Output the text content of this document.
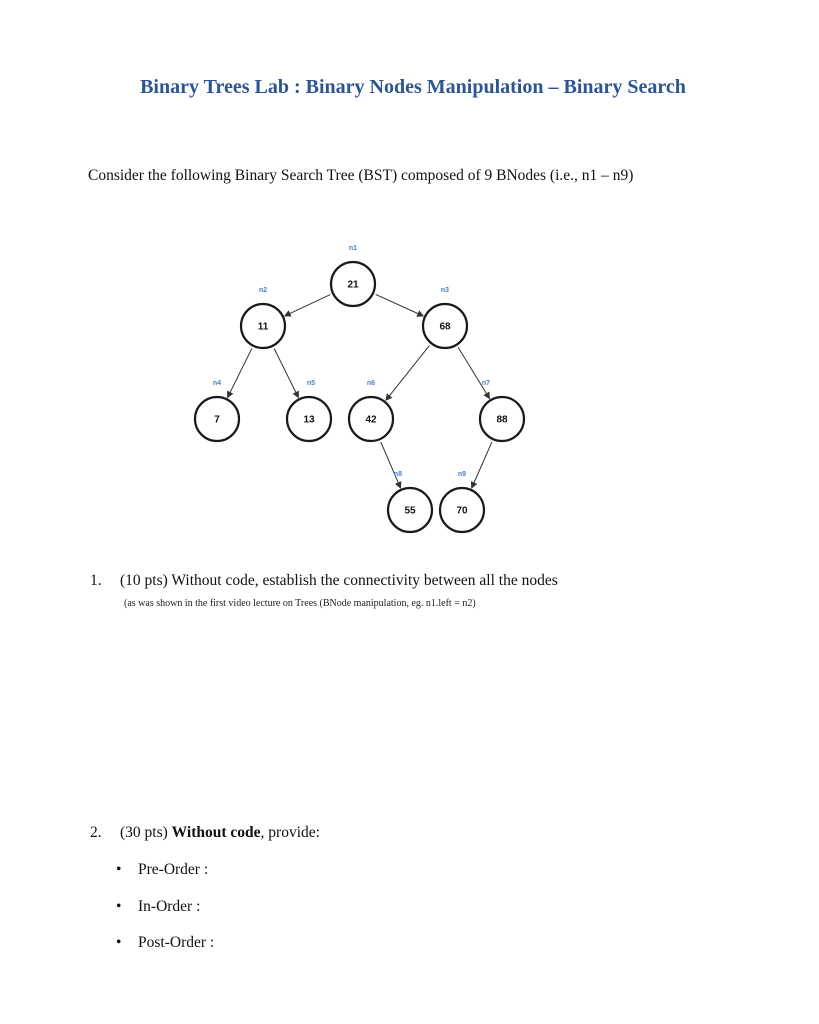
Binary Trees Lab : Binary Nodes Manipulation – Binary Search
Consider the following Binary Search Tree (BST) composed of 9 BNodes (i.e., n1 – n9)
21
n1
11
n2
68
n3
7
n4
13
n5
42
n6
88
n7
55
n8
70
n9
1. (10 pts) Without code, establish the connectivity between all the nodes
(as was shown in the first video lecture on Trees (BNode manipulation, eg. n1.left = n2)
2. (30 pts) Without code, provide:
• Pre-Order :
• In-Order :
• Post-Order :
